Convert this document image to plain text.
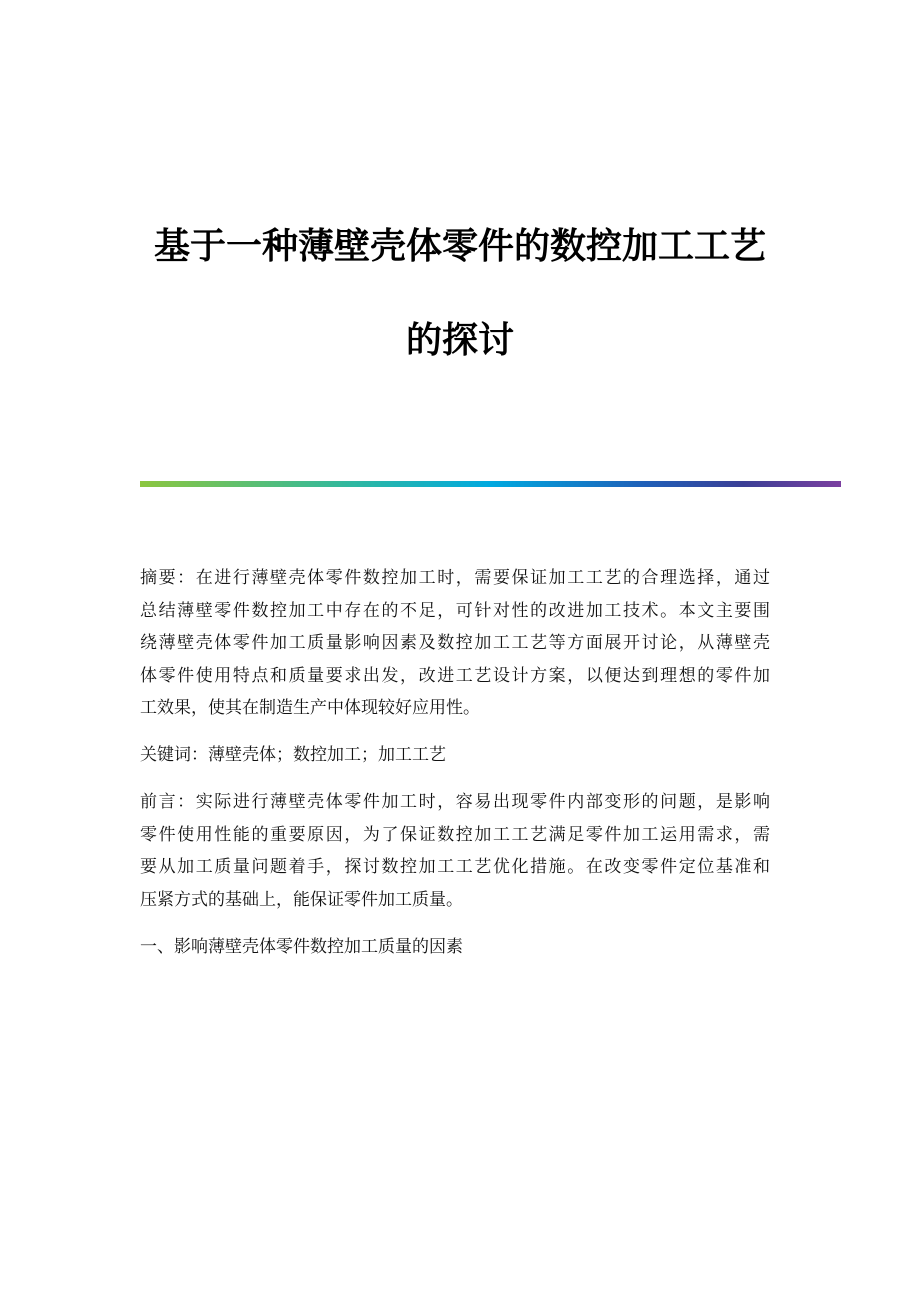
基于一种薄壁壳体零件的数控加工工艺
的探讨

摘要：在进行薄壁壳体零件数控加工时，需要保证加工工艺的合理选择，通过
总结薄壁零件数控加工中存在的不足，可针对性的改进加工技术。本文主要围
绕薄壁壳体零件加工质量影响因素及数控加工工艺等方面展开讨论，从薄壁壳
体零件使用特点和质量要求出发，改进工艺设计方案，以便达到理想的零件加
工效果，使其在制造生产中体现较好应用性。

关键词：薄壁壳体；数控加工；加工工艺

前言：实际进行薄壁壳体零件加工时，容易出现零件内部变形的问题，是影响
零件使用性能的重要原因，为了保证数控加工工艺满足零件加工运用需求，需
要从加工质量问题着手，探讨数控加工工艺优化措施。在改变零件定位基准和
压紧方式的基础上，能保证零件加工质量。

一、影响薄壁壳体零件数控加工质量的因素
